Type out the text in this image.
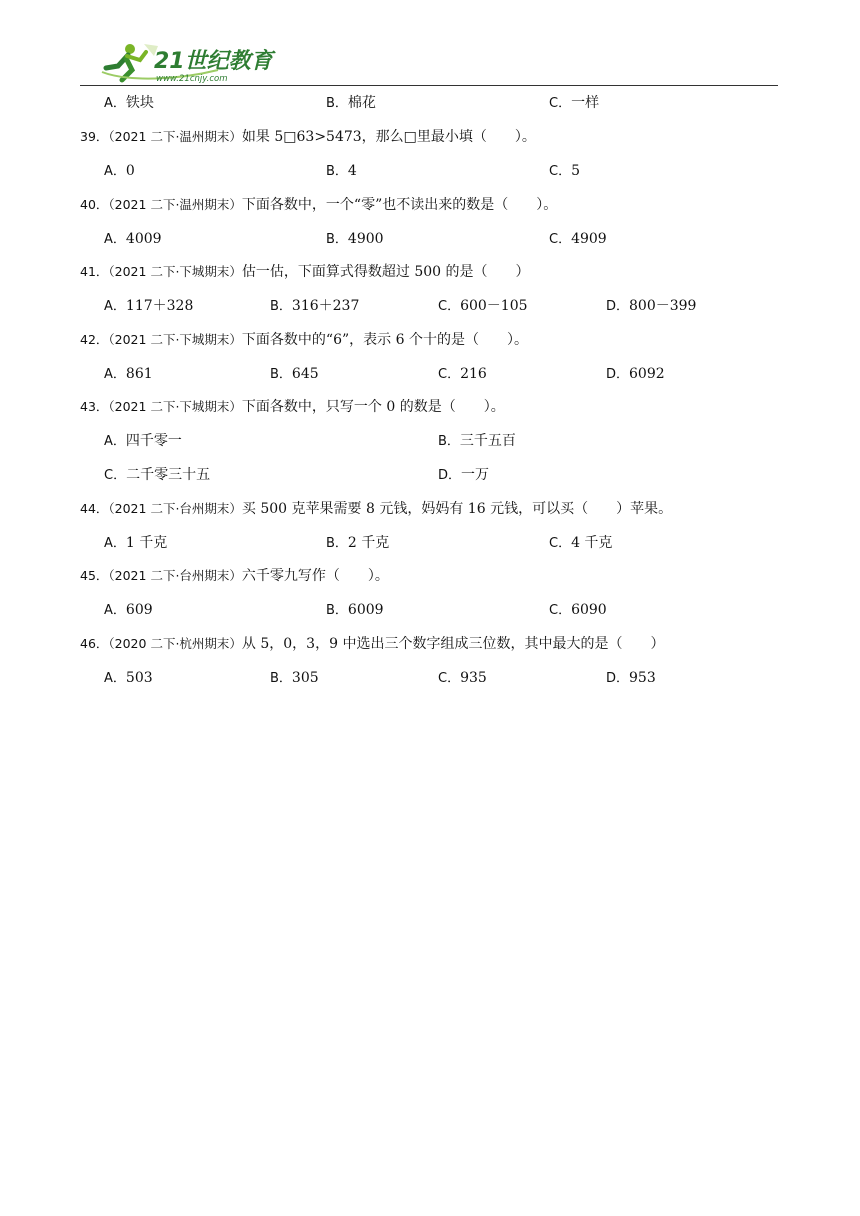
21世纪教育
www.21cnjy.com
A．铁块	B．棉花	C．一样
39．（2021 二下·温州期末）如果 5□63>5473，那么□里最小填（　　）。
A．0	B．4	C．5
40．（2021 二下·温州期末）下面各数中，一个“零”也不读出来的数是（　　）。
A．4009	B．4900	C．4909
41．（2021 二下·下城期末）估一估，下面算式得数超过 500 的是（　　）
A．117＋328	B．316＋237	C．600－105	D．800－399
42．（2021 二下·下城期末）下面各数中的“6”，表示 6 个十的是（　　）。
A．861	B．645	C．216	D．6092
43．（2021 二下·下城期末）下面各数中，只写一个 0 的数是（　　）。
A．四千零一	B．三千五百
C．二千零三十五	D．一万
44．（2021 二下·台州期末）买 500 克苹果需要 8 元钱，妈妈有 16 元钱，可以买（　　）苹果。
A．1 千克	B．2 千克	C．4 千克
45．（2021 二下·台州期末）六千零九写作（　　）。
A．609	B．6009	C．6090
46．（2020 二下·杭州期末）从 5，0，3，9 中选出三个数字组成三位数，其中最大的是（　　）
A．503	B．305	C．935	D．953
